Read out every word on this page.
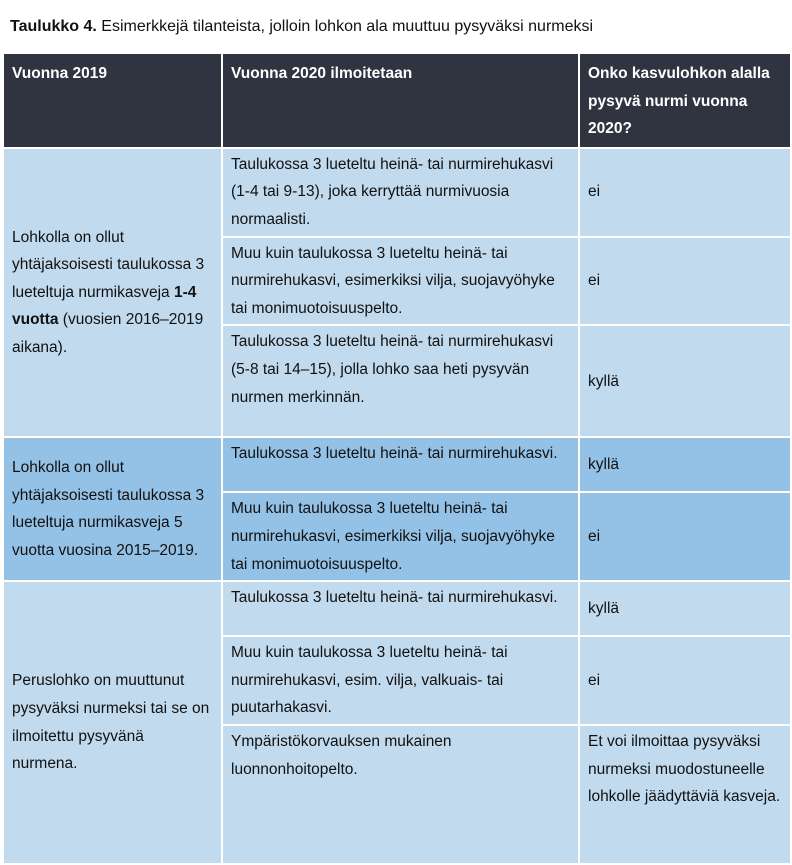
Taulukko 4. Esimerkkejä tilanteista, jolloin lohkon ala muuttuu pysyväksi nurmeksi
Vuonna 2019	Vuonna 2020 ilmoitetaan	Onko kasvulohkon alalla pysyvä nurmi vuonna 2020?
Lohkolla on ollut yhtäjaksoisesti taulukossa 3 lueteltuja nurmikasveja 1-4 vuotta (vuosien 2016–2019 aikana).	Taulukossa 3 lueteltu heinä- tai nurmirehukasvi (1-4 tai 9-13), joka kerryttää nurmivuosia normaalisti.	ei
	Muu kuin taulukossa 3 lueteltu heinä- tai nurmirehukasvi, esimerkiksi vilja, suojavyöhyke tai monimuotoisuuspelto.	ei
	Taulukossa 3 lueteltu heinä- tai nurmirehukasvi (5-8 tai 14–15), jolla lohko saa heti pysyvän nurmen merkinnän.	kyllä
Lohkolla on ollut yhtäjaksoisesti taulukossa 3 lueteltuja nurmikasveja 5 vuotta vuosina 2015–2019.	Taulukossa 3 lueteltu heinä- tai nurmirehukasvi.	kyllä
	Muu kuin taulukossa 3 lueteltu heinä- tai nurmirehukasvi, esimerkiksi vilja, suojavyöhyke tai monimuotoisuuspelto.	ei
Peruslohko on muuttunut pysyväksi nurmeksi tai se on ilmoitettu pysyvänä nurmena.	Taulukossa 3 lueteltu heinä- tai nurmirehukasvi.	kyllä
	Muu kuin taulukossa 3 lueteltu heinä- tai nurmirehukasvi, esim. vilja, valkuais- tai puutarhakasvi.	ei
	Ympäristökorvauksen mukainen luonnonhoitopelto.	Et voi ilmoittaa pysyväksi nurmeksi muodostuneelle lohkolle jäädyttäviä kasveja.
